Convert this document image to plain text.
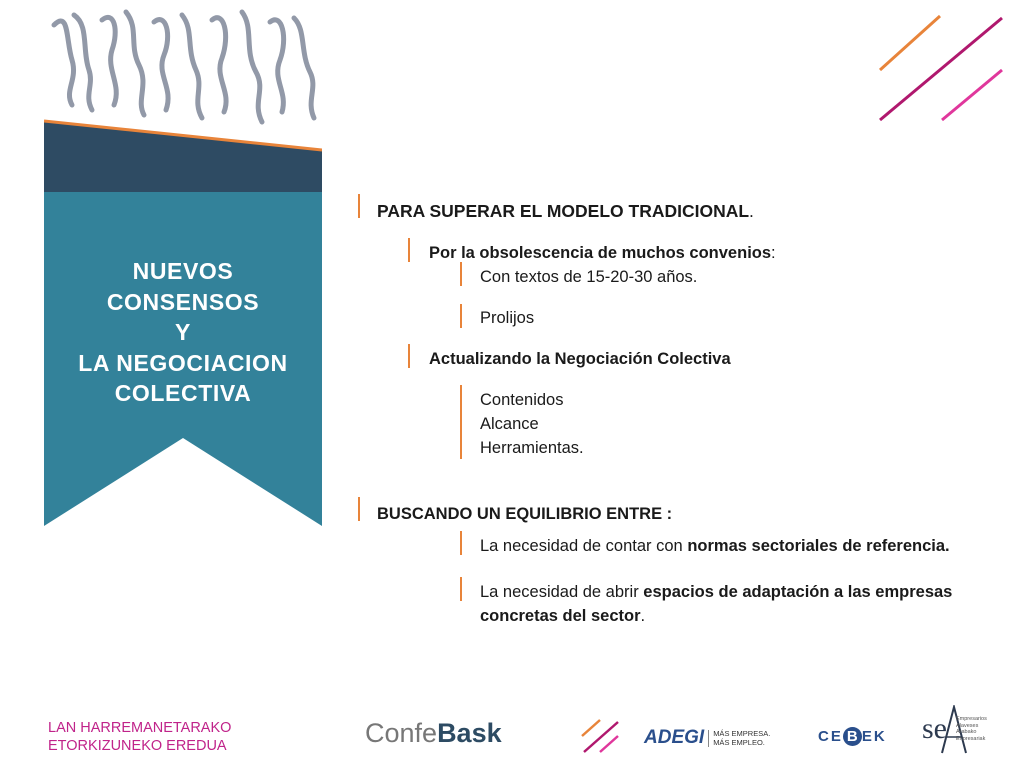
NUEVOS
CONSENSOS
Y
LA NEGOCIACION
COLECTIVA
PARA SUPERAR EL MODELO TRADICIONAL.
Por la obsolescencia de muchos convenios:
Con textos de 15-20-30 años.
Prolijos
Actualizando la Negociación Colectiva
Contenidos
Alcance
Herramientas.
BUSCANDO UN EQUILIBRIO ENTRE :
La necesidad de contar con normas sectoriales de referencia.
La necesidad de abrir espacios de adaptación a las empresas
concretas del sector.
LAN HARREMANETARAKO
ETORKIZUNEKO EREDUA	ConfeBask	ADEGI MÁS EMPRESA.
MÁS EMPLEO.	CE B EK se Empresarios
Alaveses
Arabako
Enpresariak
